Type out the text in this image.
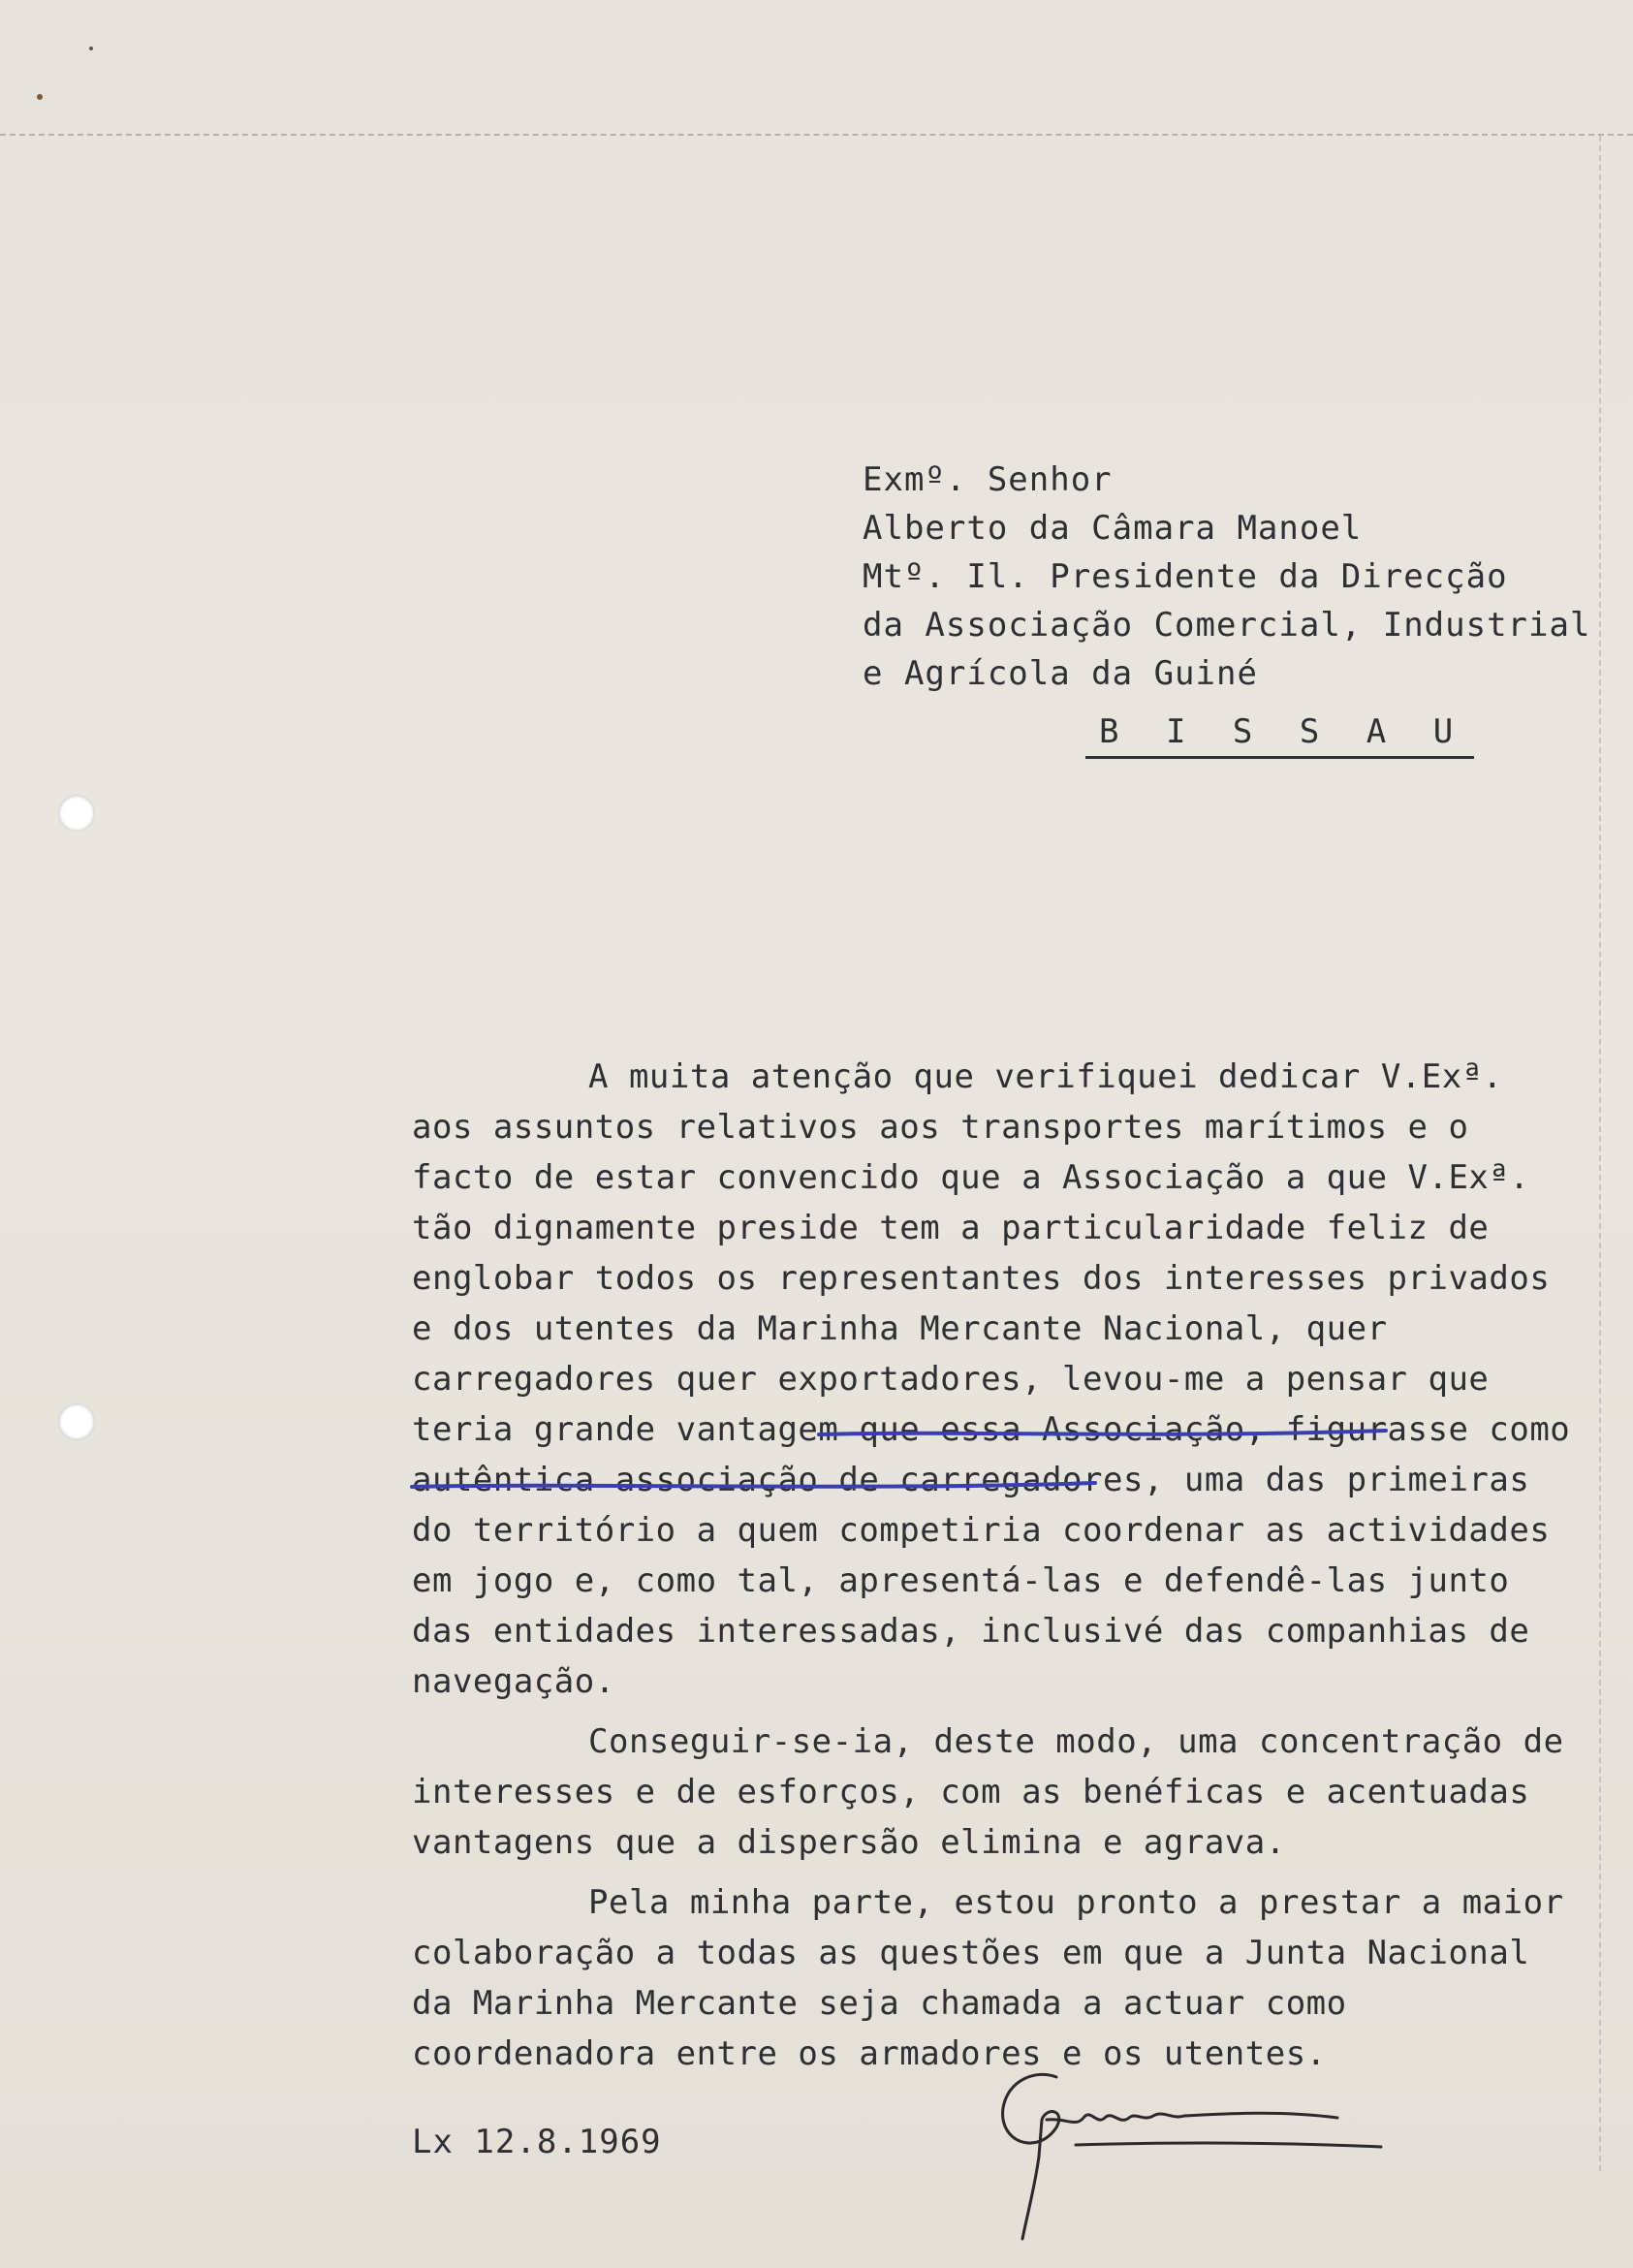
Exmº. Senhor
Alberto da Câmara Manoel
Mtº. Il. Presidente da Direcção
da Associação Comercial, Industrial
e Agrícola da Guiné
B I S S A U

A muita atenção que verifiquei dedicar V.Exª. aos assuntos relativos aos transportes marítimos e o facto de estar convencido que a Associação a que V.Exª. tão dignamente preside tem a particularidade feliz de englobar todos os representantes dos interesses privados e dos utentes da Marinha Mercante Nacional, quer carregadores quer exportadores, levou-me a pensar que teria grande vantagem que essa Associação, figurasse como autêntica associação de carregadores, uma das primeiras do território a quem competiria coordenar as actividades em jogo e, como tal, apresentá-las e defendê-las junto das entidades interessadas, inclusivé das companhias de navegação.

Conseguir-se-ia, deste modo, uma concentração de interesses e de esforços, com as benéficas e acentuadas vantagens que a dispersão elimina e agrava.

Pela minha parte, estou pronto a prestar a maior colaboração a todas as questões em que a Junta Nacional da Marinha Mercante seja chamada a actuar como coordenadora entre os armadores e os utentes.

Lx 12.8.1969
